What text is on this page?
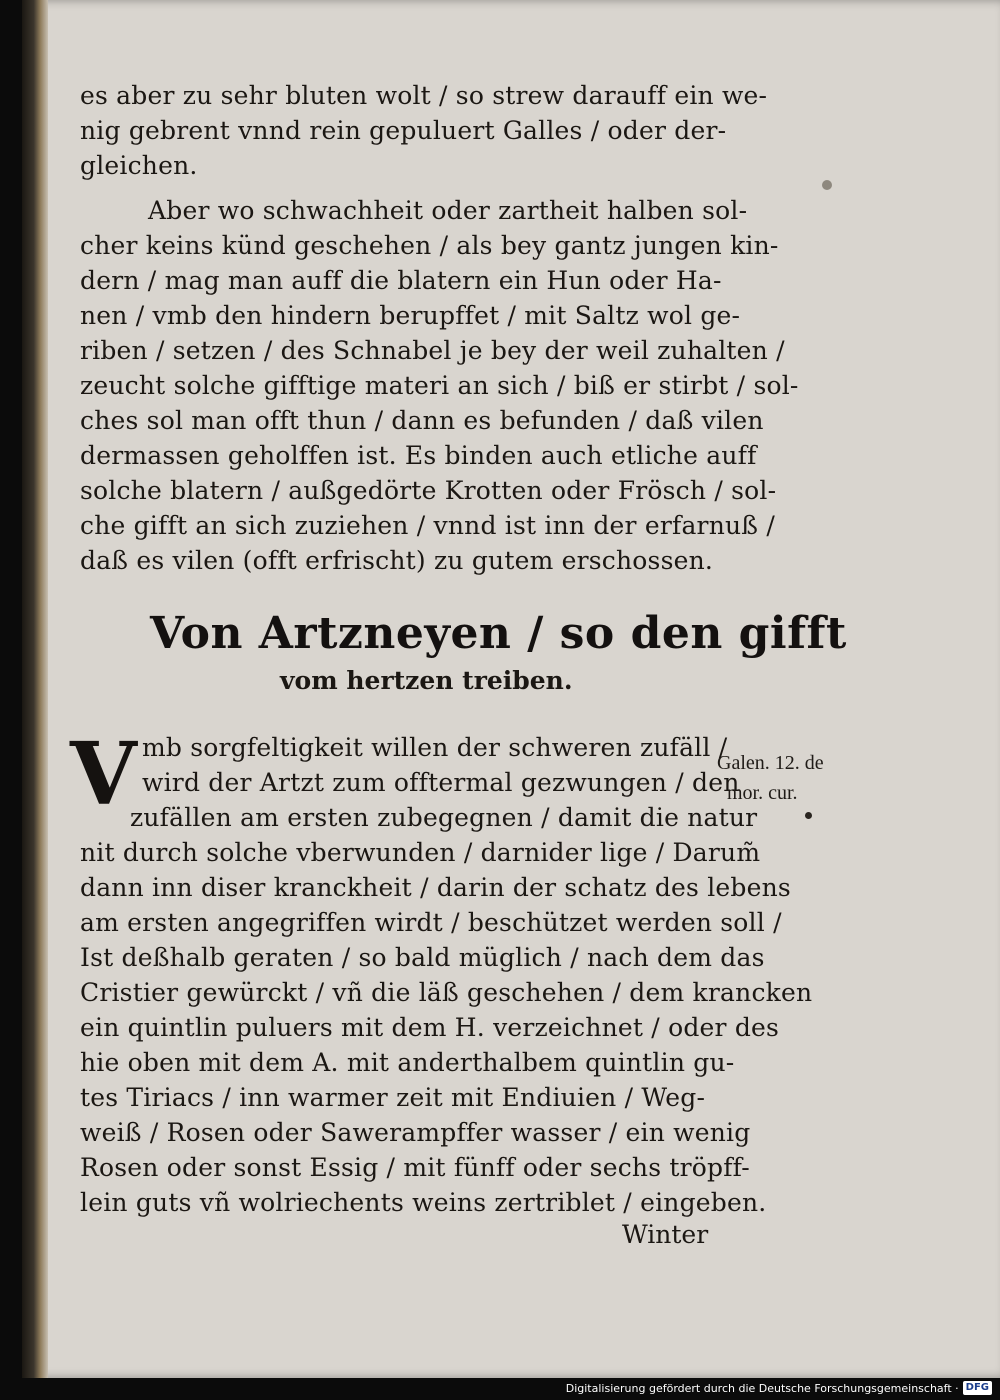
es aber zu sehr bluten wolt / so strew darauff ein we-
nig gebrent vnnd rein gepuluert Galles / oder der-
gleichen.
Aber wo schwachheit oder zartheit halben sol-
cher keins künd geschehen / als bey gantz jungen kin-
dern / mag man auff die blatern ein Hun oder Ha-
nen / vmb den hindern berupffet / mit Saltz wol ge-
riben / setzen / des Schnabel je bey der weil zuhalten /
zeucht solche gifftige materi an sich / biß er stirbt / sol-
ches sol man offt thun / dann es befunden / daß vilen
dermassen geholffen ist. Es binden auch etliche auff
solche blatern / außgedörte Krotten oder Frösch / sol-
che gifft an sich zuziehen / vnnd ist inn der erfarnuß /
daß es vilen (offt erfrischt) zu gutem erschossen.
Von Artzneyen / so den gifft
vom hertzen treiben.
V mb sorgfeltigkeit willen der schweren zufäll /
wird der Artzt zum offtermal gezwungen / den
zufällen am ersten zubegegnen / damit die natur
nit durch solche vberwunden / darnider lige / Darum̃
dann inn diser kranckheit / darin der schatz des lebens
am ersten angegriffen wirdt / beschützet werden soll /
Ist deßhalb geraten / so bald müglich / nach dem das
Cristier gewürckt / vñ die läß geschehen / dem krancken
ein quintlin puluers mit dem H. verzeichnet / oder des
hie oben mit dem A. mit anderthalbem quintlin gu-
tes Tiriacs / inn warmer zeit mit Endiuien / Weg-
weiß / Rosen oder Sawerampffer wasser / ein wenig
Rosen oder sonst Essig / mit fünff oder sechs tröpff-
lein guts vñ wolriechents weins zertriblet / eingeben.
Winter
Galen. 12. de
mor. cur.
Digitalisierung gefördert durch die Deutsche Forschungsgemeinschaft · DFG
